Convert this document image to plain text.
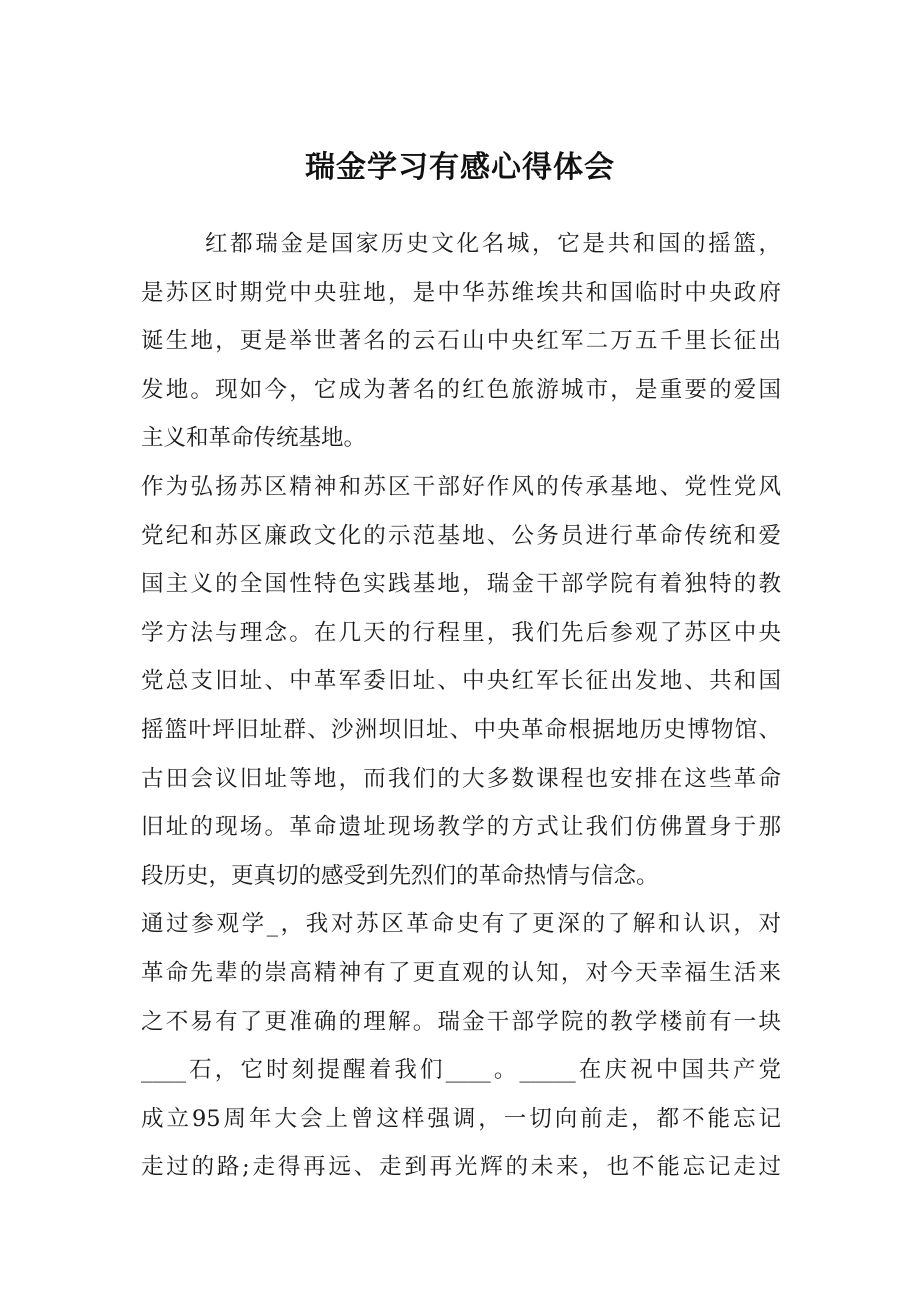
瑞金学习有感心得体会
红都瑞金是国家历史文化名城，它是共和国的摇篮，
是苏区时期党中央驻地，是中华苏维埃共和国临时中央政府
诞生地，更是举世著名的云石山中央红军二万五千里长征出
发地。现如今，它成为著名的红色旅游城市，是重要的爱国
主义和革命传统基地。
作为弘扬苏区精神和苏区干部好作风的传承基地、党性党风
党纪和苏区廉政文化的示范基地、公务员进行革命传统和爱
国主义的全国性特色实践基地，瑞金干部学院有着独特的教
学方法与理念。在几天的行程里，我们先后参观了苏区中央
党总支旧址、中革军委旧址、中央红军长征出发地、共和国
摇篮叶坪旧址群、沙洲坝旧址、中央革命根据地历史博物馆、
古田会议旧址等地，而我们的大多数课程也安排在这些革命
旧址的现场。革命遗址现场教学的方式让我们仿佛置身于那
段历史，更真切的感受到先烈们的革命热情与信念。
通过参观学_，我对苏区革命史有了更深的了解和认识，对
革命先辈的崇高精神有了更直观的认知，对今天幸福生活来
之不易有了更准确的理解。瑞金干部学院的教学楼前有一块
____石，它时刻提醒着我们____。_____在庆祝中国共产党
成立95周年大会上曾这样强调，一切向前走，都不能忘记
走过的路;走得再远、走到再光辉的未来，也不能忘记走过
